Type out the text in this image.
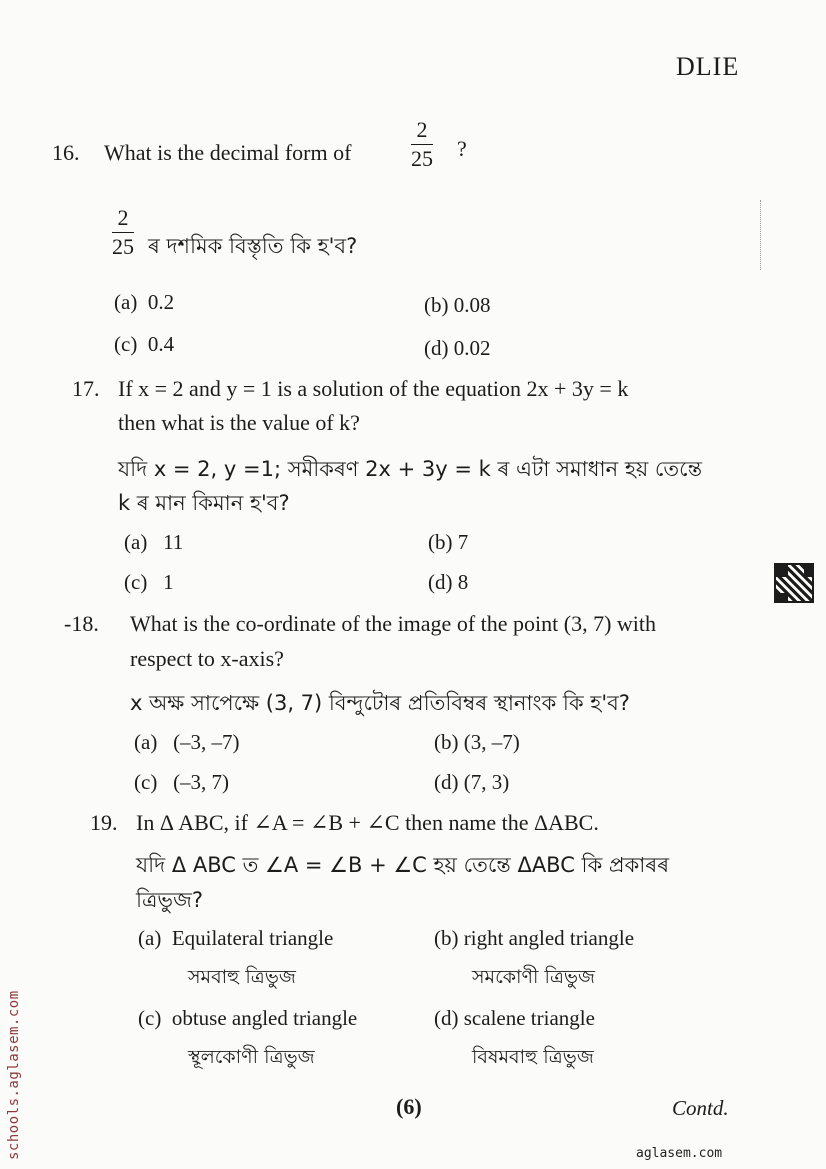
DLIE
16. What is the decimal form of
2
25 ?
2
25 ৰ দশমিক বিস্তৃতি কি হ'ব?
(a) 0.2	(b) 0.08
(c) 0.4	(d) 0.02
17. If x = 2 and y = 1 is a solution of the equation 2x + 3y = k
then what is the value of k?
যদি x = 2, y =1; সমীকৰণ 2x + 3y = k ৰ এটা সমাধান হয় তেন্তে
k ৰ মান কিমান হ'ব?
(a) 11	(b) 7
(c) 1	(d) 8
-18. What is the co-ordinate of the image of the point (3, 7) with
respect to x-axis?
x অক্ষ সাপেক্ষে (3, 7) বিন্দুটোৰ প্ৰতিবিম্বৰ স্থানাংক কি হ'ব?
(a) (–3, –7)	(b) (3, –7)
(c) (–3, 7)	(d) (7, 3)
19. In Δ ABC, if ∠A = ∠B + ∠C then name the ΔABC.
যদি Δ ABC ত ∠A = ∠B + ∠C হয় তেন্তে ΔABC কি প্ৰকাৰৰ
ত্ৰিভুজ?
(a) Equilateral triangle
সমবাহু ত্ৰিভুজ
(b) right angled triangle
সমকোণী ত্ৰিভুজ
(c) obtuse angled triangle
স্থূলকোণী ত্ৰিভুজ
(d) scalene triangle
বিষমবাহু ত্ৰিভুজ
(6)	Contd.
schools.aglasem.com	aglasem.com
